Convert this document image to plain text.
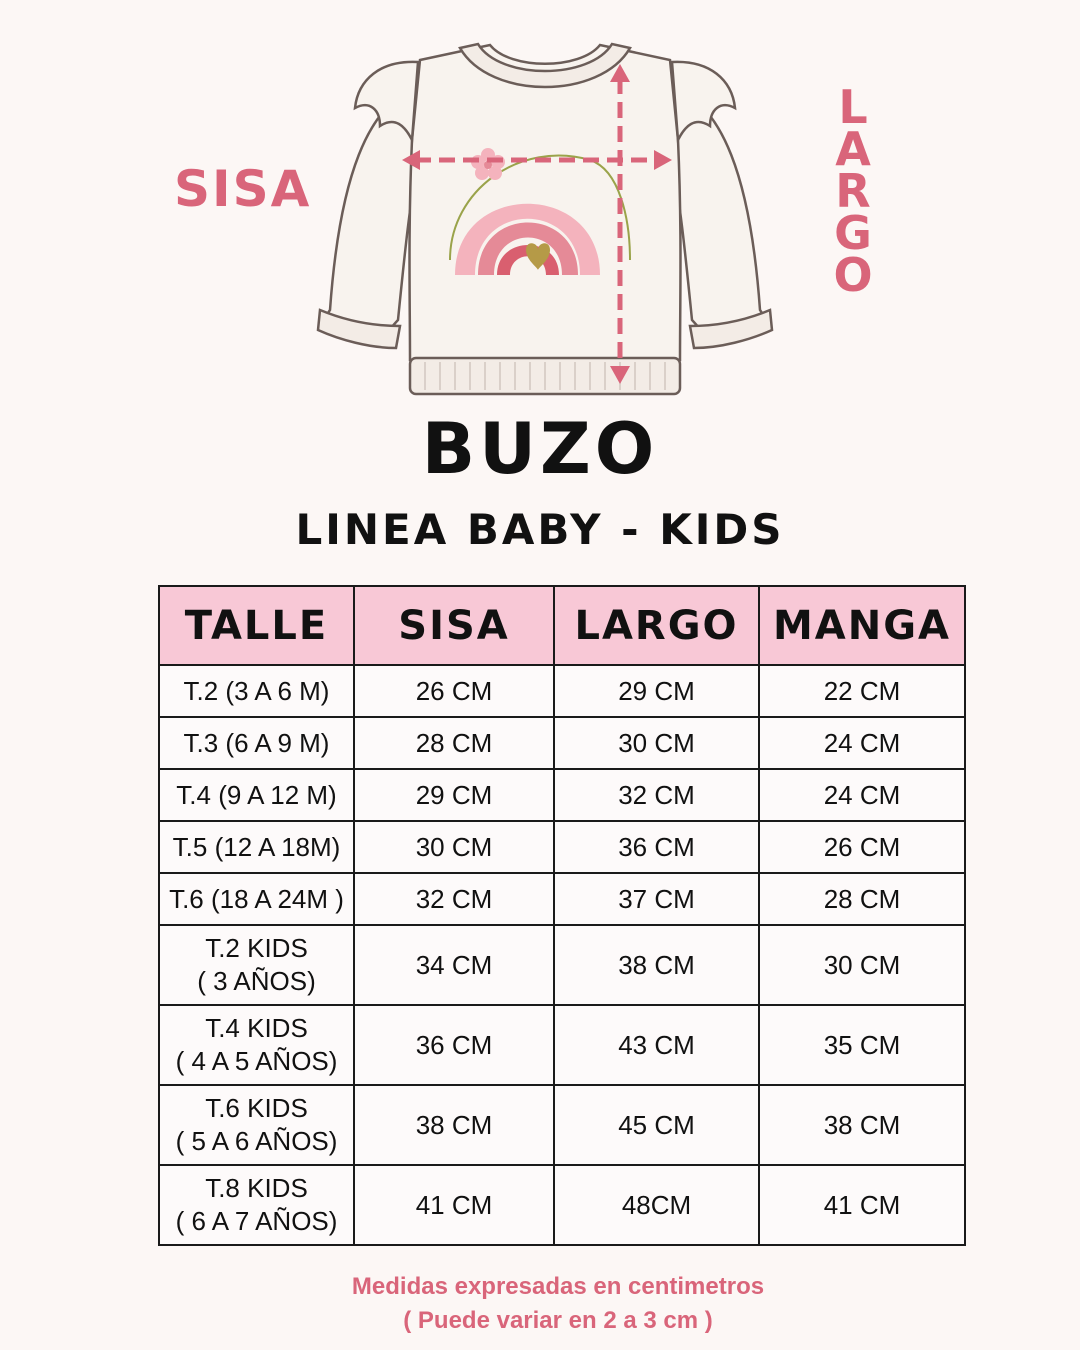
SISA
L
A
R
G
O
BUZO
LINEA BABY - KIDS
TALLE	SISA	LARGO	MANGA
T.2 (3 A 6 M)	26 CM	29 CM	22 CM
T.3 (6 A 9 M)	28 CM	30 CM	24 CM
T.4 (9 A 12 M)	29 CM	32 CM	24 CM
T.5 (12 A 18M)	30 CM	36 CM	26 CM
T.6 (18 A 24M )	32 CM	37 CM	28 CM

T.2 KIDS
( 3 AÑOS)	34 CM	38 CM	30 CM

T.4 KIDS
( 4 A 5 AÑOS)	36 CM	43 CM	35 CM

T.6 KIDS
( 5 A 6 AÑOS)	38 CM	45 CM	38 CM

T.8 KIDS
( 6 A 7 AÑOS)	41 CM	48CM	41 CM
Medidas expresadas en centimetros
( Puede variar en 2 a 3 cm )
